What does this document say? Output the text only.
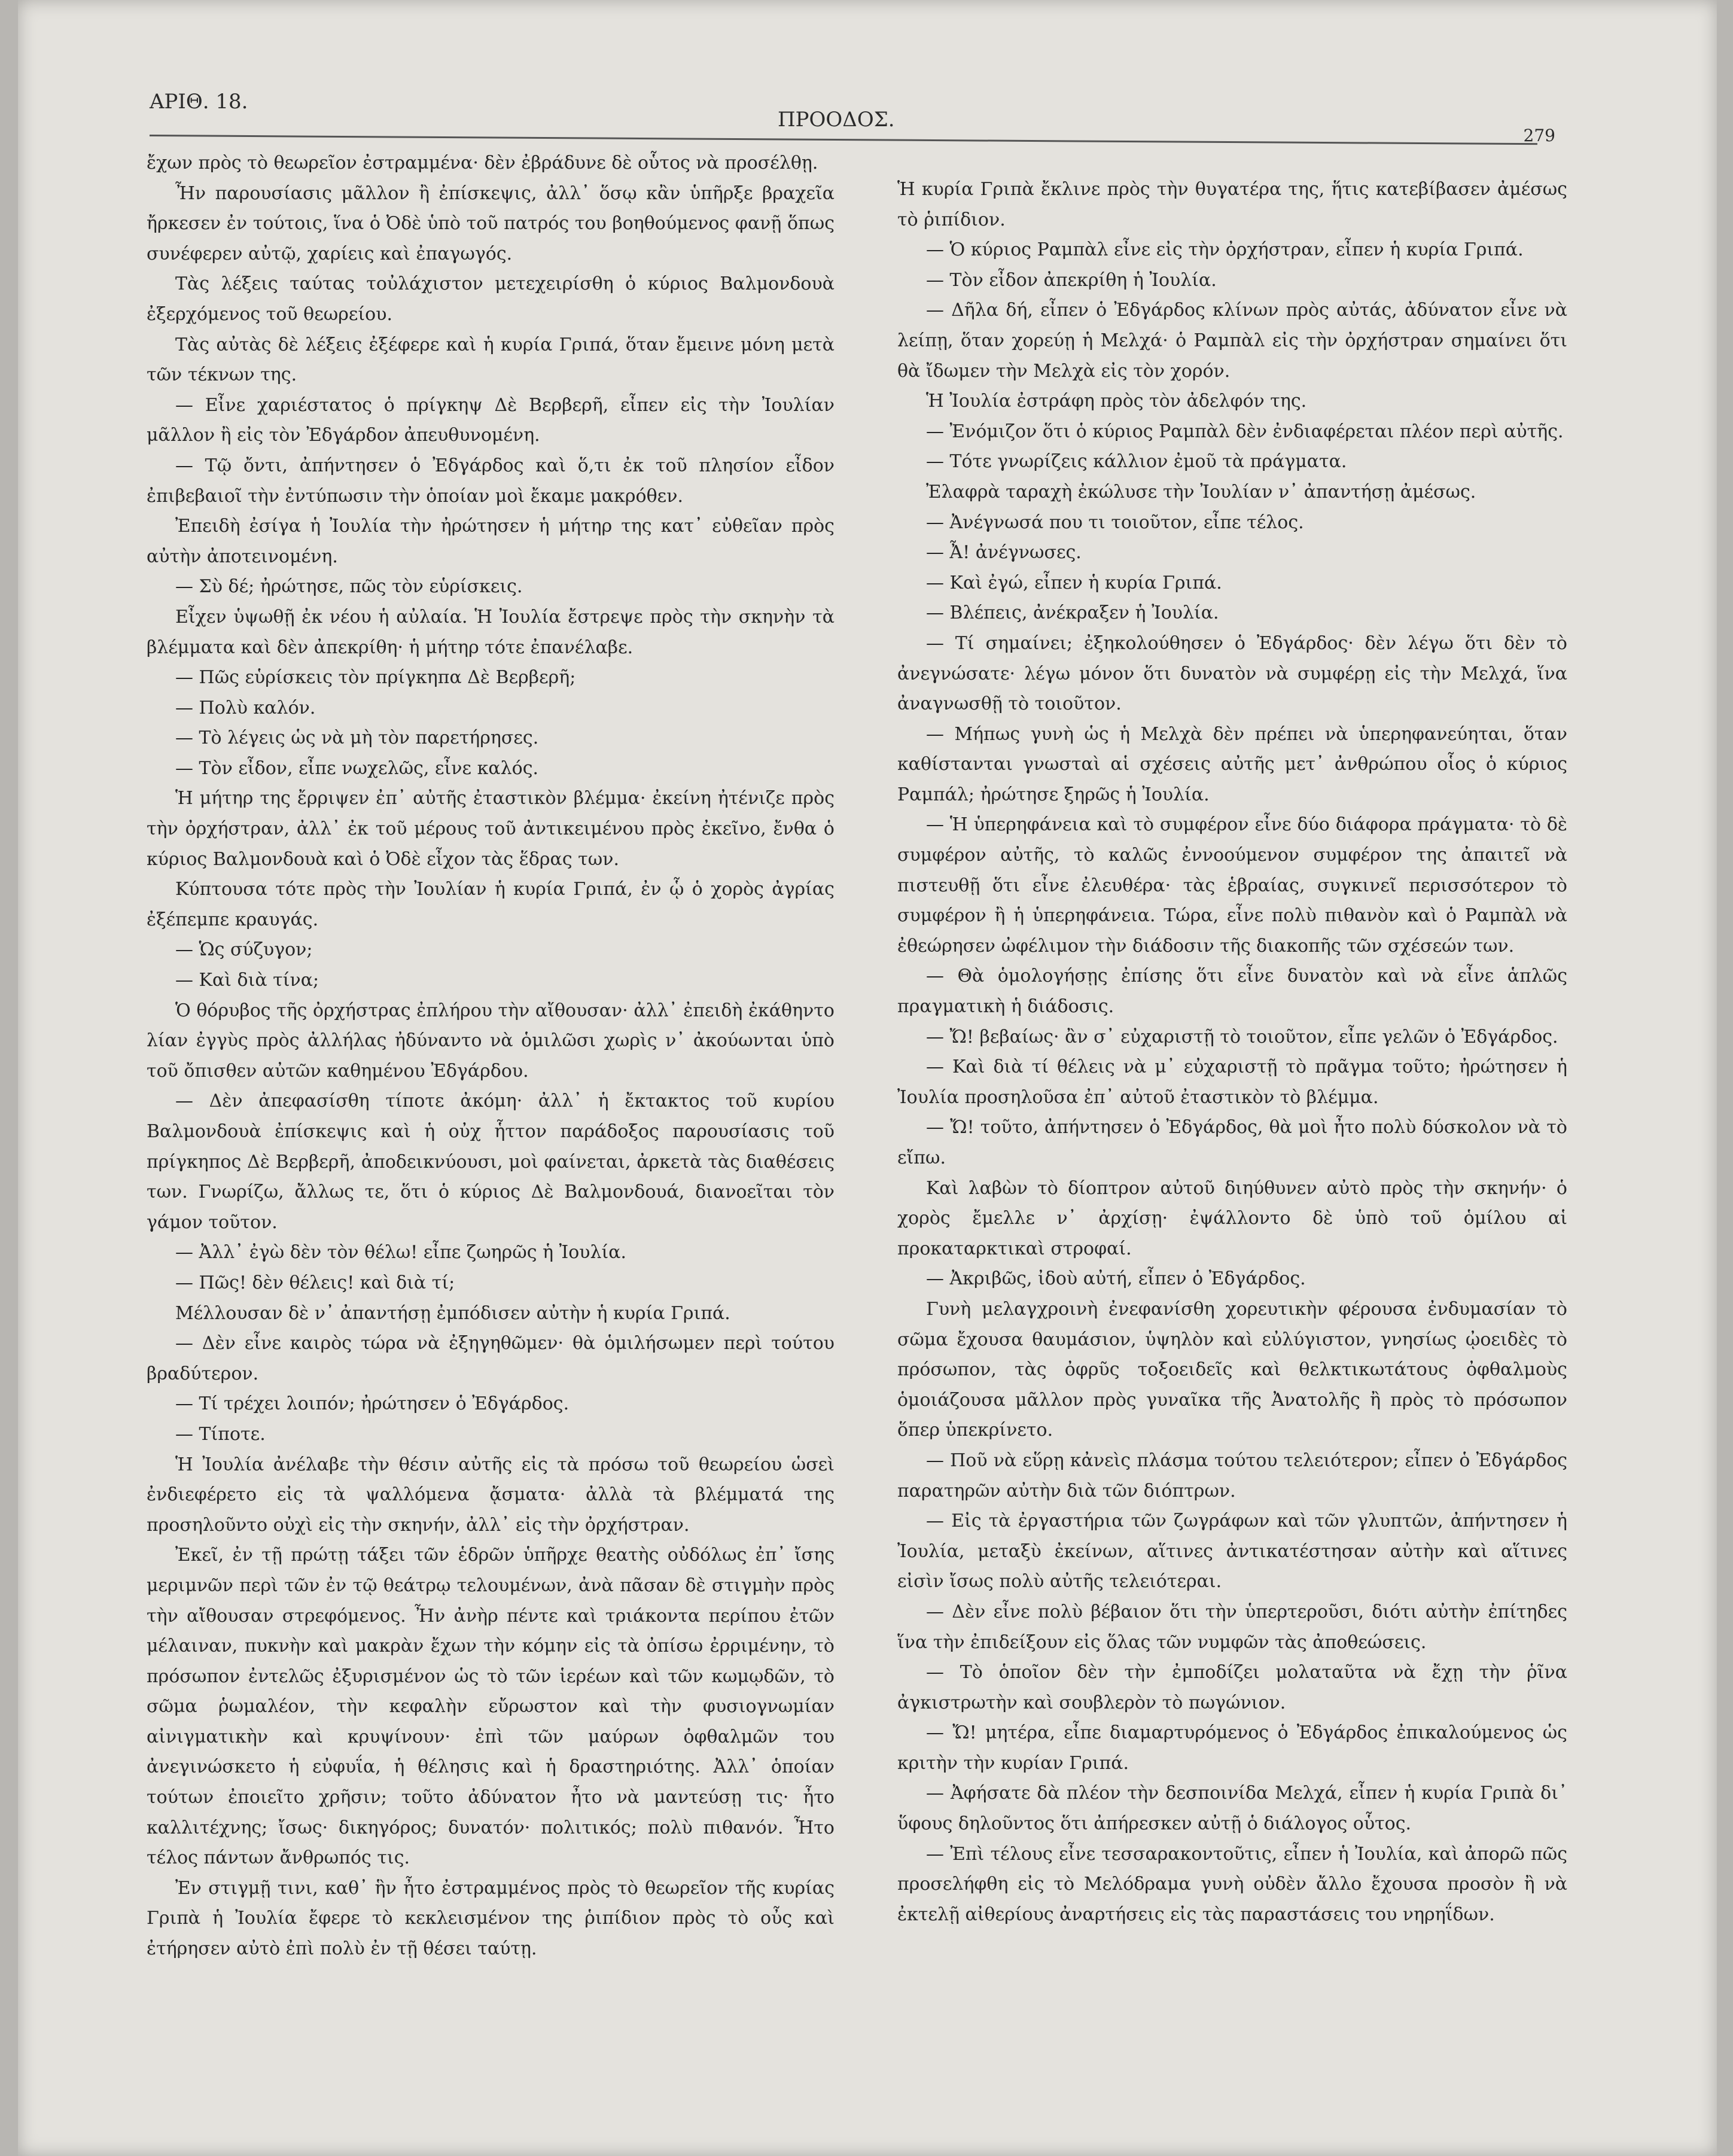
ΑΡΙΘ. 18.
ΠΡΟΟΔΟΣ.
279

ἔχων πρὸς τὸ θεωρεῖον ἐστραμμένα· δὲν ἐβράδυνε δὲ οὗτος νὰ προσέλθῃ.

Ἦν παρουσίασις μᾶλλον ἢ ἐπίσκεψις, ἀλλ᾽ ὅσῳ κἂν ὑπῆρξε βραχεῖα ἤρκεσεν ἐν τούτοις, ἵνα ὁ Ὀδὲ ὑπὸ τοῦ πατρός του βοηθούμενος φανῇ ὅπως συνέφερεν αὐτῷ, χαρίεις καὶ ἐπαγωγός.

Τὰς λέξεις ταύτας τοὐλάχιστον μετεχειρίσθη ὁ κύριος Βαλμονδουὰ ἐξερχόμενος τοῦ θεωρείου.

Τὰς αὐτὰς δὲ λέξεις ἐξέφερε καὶ ἡ κυρία Γριπά, ὅταν ἔμεινε μόνη μετὰ τῶν τέκνων της.

— Εἶνε χαριέστατος ὁ πρίγκηψ Δὲ Βερβερῆ, εἶπεν εἰς τὴν Ἰουλίαν μᾶλλον ἢ εἰς τὸν Ἐδγάρδον ἀπευθυνομένη.

— Τῷ ὄντι, ἀπήντησεν ὁ Ἐδγάρδος καὶ ὅ,τι ἐκ τοῦ πλησίον εἶδον ἐπιβεβαιοῖ τὴν ἐντύπωσιν τὴν ὁποίαν μοὶ ἔκαμε μακρόθεν.

Ἐπειδὴ ἐσίγα ἡ Ἰουλία τὴν ἠρώτησεν ἡ μήτηρ της κατ᾽ εὐθεῖαν πρὸς αὐτὴν ἀποτεινομένη.

— Σὺ δέ; ἠρώτησε, πῶς τὸν εὑρίσκεις.

Εἶχεν ὑψωθῇ ἐκ νέου ἡ αὐλαία. Ἡ Ἰουλία ἔστρεψε πρὸς τὴν σκηνὴν τὰ βλέμματα καὶ δὲν ἀπεκρίθη· ἡ μήτηρ τότε ἐπανέλαβε.

— Πῶς εὑρίσκεις τὸν πρίγκηπα Δὲ Βερβερῆ;

— Πολὺ καλόν.

— Τὸ λέγεις ὡς νὰ μὴ τὸν παρετήρησες.

— Τὸν εἶδον, εἶπε νωχελῶς, εἶνε καλός.

Ἡ μήτηρ της ἔρριψεν ἐπ᾽ αὐτῆς ἐταστικὸν βλέμμα· ἐκείνη ἠτένιζε πρὸς τὴν ὀρχήστραν, ἀλλ᾽ ἐκ τοῦ μέρους τοῦ ἀντικειμένου πρὸς ἐκεῖνο, ἔνθα ὁ κύριος Βαλμονδουὰ καὶ ὁ Ὀδὲ εἶχον τὰς ἕδρας των.

Κύπτουσα τότε πρὸς τὴν Ἰουλίαν ἡ κυρία Γριπά, ἐν ᾧ ὁ χορὸς ἀγρίας ἐξέπεμπε κραυγάς.

— Ὡς σύζυγον;

— Καὶ διὰ τίνα;

Ὁ θόρυβος τῆς ὀρχήστρας ἐπλήρου τὴν αἴθουσαν· ἀλλ᾽ ἐπειδὴ ἐκάθηντο λίαν ἐγγὺς πρὸς ἀλλήλας ἠδύναντο νὰ ὁμιλῶσι χωρὶς ν᾽ ἀκούωνται ὑπὸ τοῦ ὄπισθεν αὐτῶν καθημένου Ἐδγάρδου.

— Δὲν ἀπεφασίσθη τίποτε ἀκόμη· ἀλλ᾽ ἡ ἔκτακτος τοῦ κυρίου Βαλμονδουὰ ἐπίσκεψις καὶ ἡ οὐχ ἧττον παράδοξος παρουσίασις τοῦ πρίγκηπος Δὲ Βερβερῆ, ἀποδεικνύουσι, μοὶ φαίνεται, ἀρκετὰ τὰς διαθέσεις των. Γνωρίζω, ἄλλως τε, ὅτι ὁ κύριος Δὲ Βαλμονδουά, διανοεῖται τὸν γάμον τοῦτον.

— Ἀλλ᾽ ἐγὼ δὲν τὸν θέλω! εἶπε ζωηρῶς ἡ Ἰουλία.

— Πῶς! δὲν θέλεις! καὶ διὰ τί;

Μέλλουσαν δὲ ν᾽ ἀπαντήσῃ ἐμπόδισεν αὐτὴν ἡ κυρία Γριπά.

— Δὲν εἶνε καιρὸς τώρα νὰ ἐξηγηθῶμεν· θὰ ὁμιλήσωμεν περὶ τούτου βραδύτερον.

— Τί τρέχει λοιπόν; ἠρώτησεν ὁ Ἐδγάρδος.

— Τίποτε.

Ἡ Ἰουλία ἀνέλαβε τὴν θέσιν αὐτῆς εἰς τὰ πρόσω τοῦ θεωρείου ὡσεὶ ἐνδιεφέρετο εἰς τὰ ψαλλόμενα ᾄσματα· ἀλλὰ τὰ βλέμματά της προσηλοῦντο οὐχὶ εἰς τὴν σκηνήν, ἀλλ᾽ εἰς τὴν ὀρχήστραν.

Ἐκεῖ, ἐν τῇ πρώτῃ τάξει τῶν ἑδρῶν ὑπῆρχε θεατὴς οὐδόλως ἐπ᾽ ἴσης μεριμνῶν περὶ τῶν ἐν τῷ θεάτρῳ τελουμένων, ἀνὰ πᾶσαν δὲ στιγμὴν πρὸς τὴν αἴθουσαν στρεφόμενος. Ἦν ἀνὴρ πέντε καὶ τριάκοντα περίπου ἐτῶν μέλαιναν, πυκνὴν καὶ μακρὰν ἔχων τὴν κόμην εἰς τὰ ὀπίσω ἐρριμένην, τὸ πρόσωπον ἐντελῶς ἐξυρισμένον ὡς τὸ τῶν ἱερέων καὶ τῶν κωμῳδῶν, τὸ σῶμα ῥωμαλέον, τὴν κεφαλὴν εὔρωστον καὶ τὴν φυσιογνωμίαν αἰνιγματικὴν καὶ κρυψίνουν· ἐπὶ τῶν μαύρων ὀφθαλμῶν του ἀνεγινώσκετο ἡ εὐφυΐα, ἡ θέλησις καὶ ἡ δραστηριότης. Ἀλλ᾽ ὁποίαν τούτων ἐποιεῖτο χρῆσιν; τοῦτο ἀδύνατον ἦτο νὰ μαντεύσῃ τις· ἦτο καλλιτέχνης; ἴσως· δικηγόρος; δυνατόν· πολιτικός; πολὺ πιθανόν. Ἦτο τέλος πάντων ἄνθρωπός τις.

Ἐν στιγμῇ τινι, καθ᾽ ἣν ἦτο ἐστραμμένος πρὸς τὸ θεωρεῖον τῆς κυρίας Γριπὰ ἡ Ἰουλία ἔφερε τὸ κεκλεισμένον της ῥιπίδιον πρὸς τὸ οὖς καὶ ἐτήρησεν αὐτὸ ἐπὶ πολὺ ἐν τῇ θέσει ταύτῃ.

Ἡ κυρία Γριπὰ ἔκλινε πρὸς τὴν θυγατέρα της, ἥτις κατεβίβασεν ἀμέσως τὸ ῥιπίδιον.

— Ὁ κύριος Ραμπὰλ εἶνε εἰς τὴν ὀρχήστραν, εἶπεν ἡ κυρία Γριπά.

— Τὸν εἶδον ἀπεκρίθη ἡ Ἰουλία.

— Δῆλα δή, εἶπεν ὁ Ἐδγάρδος κλίνων πρὸς αὐτάς, ἀδύνατον εἶνε νὰ λείπῃ, ὅταν χορεύῃ ἡ Μελχά· ὁ Ραμπὰλ εἰς τὴν ὀρχήστραν σημαίνει ὅτι θὰ ἴδωμεν τὴν Μελχὰ εἰς τὸν χορόν.

Ἡ Ἰουλία ἐστράφη πρὸς τὸν ἀδελφόν της.

— Ἐνόμιζον ὅτι ὁ κύριος Ραμπὰλ δὲν ἐνδιαφέρεται πλέον περὶ αὐτῆς.

— Τότε γνωρίζεις κάλλιον ἐμοῦ τὰ πράγματα.

Ἐλαφρὰ ταραχὴ ἐκώλυσε τὴν Ἰουλίαν ν᾽ ἀπαντήσῃ ἀμέσως.

— Ἀνέγνωσά που τι τοιοῦτον, εἶπε τέλος.

— Ἆ! ἀνέγνωσες.

— Καὶ ἐγώ, εἶπεν ἡ κυρία Γριπά.

— Βλέπεις, ἀνέκραξεν ἡ Ἰουλία.

— Τί σημαίνει; ἐξηκολούθησεν ὁ Ἐδγάρδος· δὲν λέγω ὅτι δὲν τὸ ἀνεγνώσατε· λέγω μόνον ὅτι δυνατὸν νὰ συμφέρῃ εἰς τὴν Μελχά, ἵνα ἀναγνωσθῇ τὸ τοιοῦτον.

— Μήπως γυνὴ ὡς ἡ Μελχὰ δὲν πρέπει νὰ ὑπερηφανεύηται, ὅταν καθίστανται γνωσταὶ αἱ σχέσεις αὐτῆς μετ᾽ ἀνθρώπου οἷος ὁ κύριος Ραμπάλ; ἠρώτησε ξηρῶς ἡ Ἰουλία.

— Ἡ ὑπερηφάνεια καὶ τὸ συμφέρον εἶνε δύο διάφορα πράγματα· τὸ δὲ συμφέρον αὐτῆς, τὸ καλῶς ἐννοούμενον συμφέρον της ἀπαιτεῖ νὰ πιστευθῇ ὅτι εἶνε ἐλευθέρα· τὰς ἑβραίας, συγκινεῖ περισσότερον τὸ συμφέρον ἢ ἡ ὑπερηφάνεια. Τώρα, εἶνε πολὺ πιθανὸν καὶ ὁ Ραμπὰλ νὰ ἐθεώρησεν ὠφέλιμον τὴν διάδοσιν τῆς διακοπῆς τῶν σχέσεών των.

— Θὰ ὁμολογήσῃς ἐπίσης ὅτι εἶνε δυνατὸν καὶ νὰ εἶνε ἁπλῶς πραγματικὴ ἡ διάδοσις.

— Ὤ! βεβαίως· ἂν σ᾽ εὐχαριστῇ τὸ τοιοῦτον, εἶπε γελῶν ὁ Ἐδγάρδος.

— Καὶ διὰ τί θέλεις νὰ μ᾽ εὐχαριστῇ τὸ πρᾶγμα τοῦτο; ἠρώτησεν ἡ Ἰουλία προσηλοῦσα ἐπ᾽ αὐτοῦ ἐταστικὸν τὸ βλέμμα.

— Ὤ! τοῦτο, ἀπήντησεν ὁ Ἐδγάρδος, θὰ μοὶ ἦτο πολὺ δύσκολον νὰ τὸ εἴπω.

Καὶ λαβὼν τὸ δίοπτρον αὐτοῦ διηύθυνεν αὐτὸ πρὸς τὴν σκηνήν· ὁ χορὸς ἔμελλε ν᾽ ἀρχίσῃ· ἐψάλλοντο δὲ ὑπὸ τοῦ ὁμίλου αἱ προκαταρκτικαὶ στροφαί.

— Ἀκριβῶς, ἰδοὺ αὐτή, εἶπεν ὁ Ἐδγάρδος.

Γυνὴ μελαγχροινὴ ἐνεφανίσθη χορευτικὴν φέρουσα ἐνδυμασίαν τὸ σῶμα ἔχουσα θαυμάσιον, ὑψηλὸν καὶ εὐλύγιστον, γνησίως ᾠοειδὲς τὸ πρόσωπον, τὰς ὀφρῦς τοξοειδεῖς καὶ θελκτικωτάτους ὀφθαλμοὺς ὁμοιάζουσα μᾶλλον πρὸς γυναῖκα τῆς Ἀνατολῆς ἢ πρὸς τὸ πρόσωπον ὅπερ ὑπεκρίνετο.

— Ποῦ νὰ εὕρῃ κἀνεὶς πλάσμα τούτου τελειότερον; εἶπεν ὁ Ἐδγάρδος παρατηρῶν αὐτὴν διὰ τῶν διόπτρων.

— Εἰς τὰ ἐργαστήρια τῶν ζωγράφων καὶ τῶν γλυπτῶν, ἀπήντησεν ἡ Ἰουλία, μεταξὺ ἐκείνων, αἵτινες ἀντικατέστησαν αὐτὴν καὶ αἵτινες εἰσὶν ἴσως πολὺ αὐτῆς τελειότεραι.

— Δὲν εἶνε πολὺ βέβαιον ὅτι τὴν ὑπερτεροῦσι, διότι αὐτὴν ἐπίτηδες ἵνα τὴν ἐπιδείξουν εἰς ὅλας τῶν νυμφῶν τὰς ἀποθεώσεις.

— Τὸ ὁποῖον δὲν τὴν ἐμποδίζει μολαταῦτα νὰ ἔχῃ τὴν ῥῖνα ἀγκιστρωτὴν καὶ σουβλερὸν τὸ πωγώνιον.

— Ὤ! μητέρα, εἶπε διαμαρτυρόμενος ὁ Ἐδγάρδος ἐπικαλούμενος ὡς κριτὴν τὴν κυρίαν Γριπά.

— Ἀφήσατε δὰ πλέον τὴν δεσποινίδα Μελχά, εἶπεν ἡ κυρία Γριπὰ δι᾽ ὕφους δηλοῦντος ὅτι ἀπήρεσκεν αὐτῇ ὁ διάλογος οὗτος.

— Ἐπὶ τέλους εἶνε τεσσαρακοντοῦτις, εἶπεν ἡ Ἰουλία, καὶ ἀπορῶ πῶς προσελήφθη εἰς τὸ Μελόδραμα γυνὴ οὐδὲν ἄλλο ἔχουσα προσὸν ἢ νὰ ἐκτελῇ αἰθερίους ἀναρτήσεις εἰς τὰς παραστάσεις του νηρηΐδων.
